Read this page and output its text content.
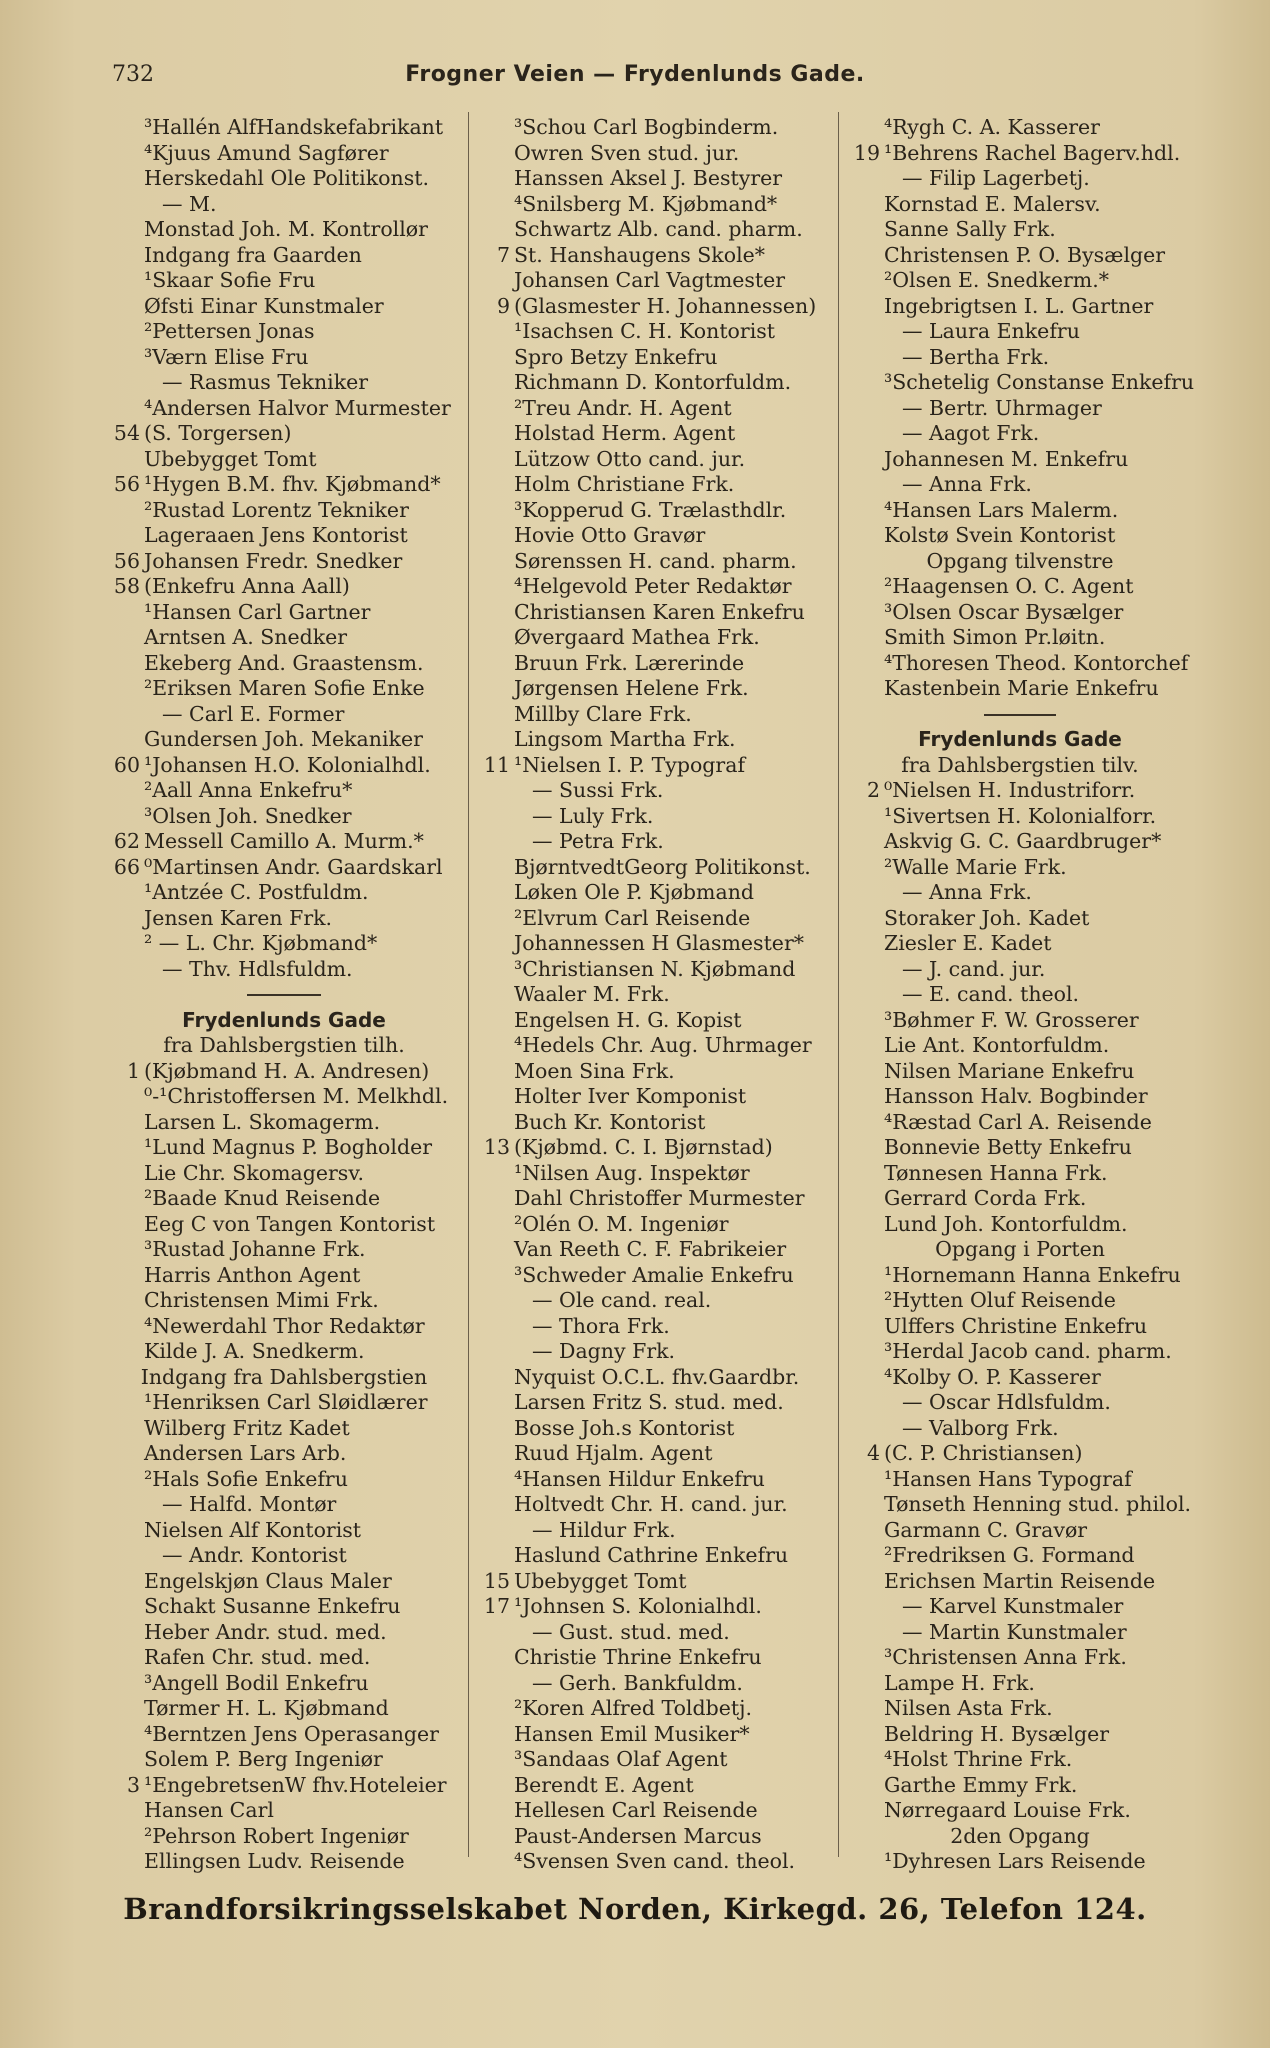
732	Frogner Veien — Frydenlunds Gade.
³Hallén AlfHandskefabrikant
⁴Kjuus Amund Sagfører
Herskedahl Ole Politikonst.
— M.
Monstad Joh. M. Kontrollør
Indgang fra Gaarden
¹Skaar Sofie Fru
Øfsti Einar Kunstmaler
²Pettersen Jonas
³Værn Elise Fru
— Rasmus Tekniker
⁴Andersen Halvor Murmester
54 (S. Torgersen)
Ubebygget Tomt
56 ¹Hygen B.M. fhv. Kjøbmand*
²Rustad Lorentz Tekniker
Lageraaen Jens Kontorist
56 Johansen Fredr. Snedker
58 (Enkefru Anna Aall)
¹Hansen Carl Gartner
Arntsen A. Snedker
Ekeberg And. Graastensm.
²Eriksen Maren Sofie Enke
— Carl E. Former
Gundersen Joh. Mekaniker
60 ¹Johansen H.O. Kolonialhdl.
²Aall Anna Enkefru*
³Olsen Joh. Snedker
62 Messell Camillo A. Murm.*
66 ⁰Martinsen Andr. Gaardskarl
¹Antzée C. Postfuldm.
Jensen Karen Frk.
² — L. Chr. Kjøbmand*
— Thv. Hdlsfuldm.
Frydenlunds Gade
fra Dahlsbergstien tilh.
1 (Kjøbmand H. A. Andresen)
⁰-¹Christoffersen M. Melkhdl.
Larsen L. Skomagerm.
¹Lund Magnus P. Bogholder
Lie Chr. Skomagersv.
²Baade Knud Reisende
Eeg C von Tangen Kontorist
³Rustad Johanne Frk.
Harris Anthon Agent
Christensen Mimi Frk.
⁴Newerdahl Thor Redaktør
Kilde J. A. Snedkerm.
Indgang fra Dahlsbergstien
¹Henriksen Carl Sløidlærer
Wilberg Fritz Kadet
Andersen Lars Arb.
²Hals Sofie Enkefru
— Halfd. Montør
Nielsen Alf Kontorist
— Andr. Kontorist
Engelskjøn Claus Maler
Schakt Susanne Enkefru
Heber Andr. stud. med.
Rafen Chr. stud. med.
³Angell Bodil Enkefru
Tørmer H. L. Kjøbmand
⁴Berntzen Jens Operasanger
Solem P. Berg Ingeniør
3 ¹EngebretsenW fhv.Hoteleier
Hansen Carl
²Pehrson Robert Ingeniør
Ellingsen Ludv. Reisende
³Schou Carl Bogbinderm.
Owren Sven stud. jur.
Hanssen Aksel J. Bestyrer
⁴Snilsberg M. Kjøbmand*
Schwartz Alb. cand. pharm.
7 St. Hanshaugens Skole*
Johansen Carl Vagtmester
9 (Glasmester H. Johannessen)
¹Isachsen C. H. Kontorist
Spro Betzy Enkefru
Richmann D. Kontorfuldm.
²Treu Andr. H. Agent
Holstad Herm. Agent
Lützow Otto cand. jur.
Holm Christiane Frk.
³Kopperud G. Trælasthdlr.
Hovie Otto Gravør
Sørenssen H. cand. pharm.
⁴Helgevold Peter Redaktør
Christiansen Karen Enkefru
Øvergaard Mathea Frk.
Bruun Frk. Lærerinde
Jørgensen Helene Frk.
Millby Clare Frk.
Lingsom Martha Frk.
11 ¹Nielsen I. P. Typograf
— Sussi Frk.
— Luly Frk.
— Petra Frk.
BjørntvedtGeorg Politikonst.
Løken Ole P. Kjøbmand
²Elvrum Carl Reisende
Johannessen H Glasmester*
³Christiansen N. Kjøbmand
Waaler M. Frk.
Engelsen H. G. Kopist
⁴Hedels Chr. Aug. Uhrmager
Moen Sina Frk.
Holter Iver Komponist
Buch Kr. Kontorist
13 (Kjøbmd. C. I. Bjørnstad)
¹Nilsen Aug. Inspektør
Dahl Christoffer Murmester
²Olén O. M. Ingeniør
Van Reeth C. F. Fabrikeier
³Schweder Amalie Enkefru
— Ole cand. real.
— Thora Frk.
— Dagny Frk.
Nyquist O.C.L. fhv.Gaardbr.
Larsen Fritz S. stud. med.
Bosse Joh.s Kontorist
Ruud Hjalm. Agent
⁴Hansen Hildur Enkefru
Holtvedt Chr. H. cand. jur.
— Hildur Frk.
Haslund Cathrine Enkefru
15 Ubebygget Tomt
17 ¹Johnsen S. Kolonialhdl.
— Gust. stud. med.
Christie Thrine Enkefru
— Gerh. Bankfuldm.
²Koren Alfred Toldbetj.
Hansen Emil Musiker*
³Sandaas Olaf Agent
Berendt E. Agent
Hellesen Carl Reisende
Paust-Andersen Marcus
⁴Svensen Sven cand. theol.
⁴Rygh C. A. Kasserer
19 ¹Behrens Rachel Bagerv.hdl.
— Filip Lagerbetj.
Kornstad E. Malersv.
Sanne Sally Frk.
Christensen P. O. Bysælger
²Olsen E. Snedkerm.*
Ingebrigtsen I. L. Gartner
— Laura Enkefru
— Bertha Frk.
³Schetelig Constanse Enkefru
— Bertr. Uhrmager
— Aagot Frk.
Johannesen M. Enkefru
— Anna Frk.
⁴Hansen Lars Malerm.
Kolstø Svein Kontorist
Opgang tilvenstre
²Haagensen O. C. Agent
³Olsen Oscar Bysælger
Smith Simon Pr.løitn.
⁴Thoresen Theod. Kontorchef
Kastenbein Marie Enkefru
Frydenlunds Gade
fra Dahlsbergstien tilv.
2 ⁰Nielsen H. Industriforr.
¹Sivertsen H. Kolonialforr.
Askvig G. C. Gaardbruger*
²Walle Marie Frk.
— Anna Frk.
Storaker Joh. Kadet
Ziesler E. Kadet
— J. cand. jur.
— E. cand. theol.
³Bøhmer F. W. Grosserer
Lie Ant. Kontorfuldm.
Nilsen Mariane Enkefru
Hansson Halv. Bogbinder
⁴Ræstad Carl A. Reisende
Bonnevie Betty Enkefru
Tønnesen Hanna Frk.
Gerrard Corda Frk.
Lund Joh. Kontorfuldm.
Opgang i Porten
¹Hornemann Hanna Enkefru
²Hytten Oluf Reisende
Ulffers Christine Enkefru
³Herdal Jacob cand. pharm.
⁴Kolby O. P. Kasserer
— Oscar Hdlsfuldm.
— Valborg Frk.
4 (C. P. Christiansen)
¹Hansen Hans Typograf
Tønseth Henning stud. philol.
Garmann C. Gravør
²Fredriksen G. Formand
Erichsen Martin Reisende
— Karvel Kunstmaler
— Martin Kunstmaler
³Christensen Anna Frk.
Lampe H. Frk.
Nilsen Asta Frk.
Beldring H. Bysælger
⁴Holst Thrine Frk.
Garthe Emmy Frk.
Nørregaard Louise Frk.
2den Opgang
¹Dyhresen Lars Reisende
Brandforsikringsselskabet Norden, Kirkegd. 26, Telefon 124.
